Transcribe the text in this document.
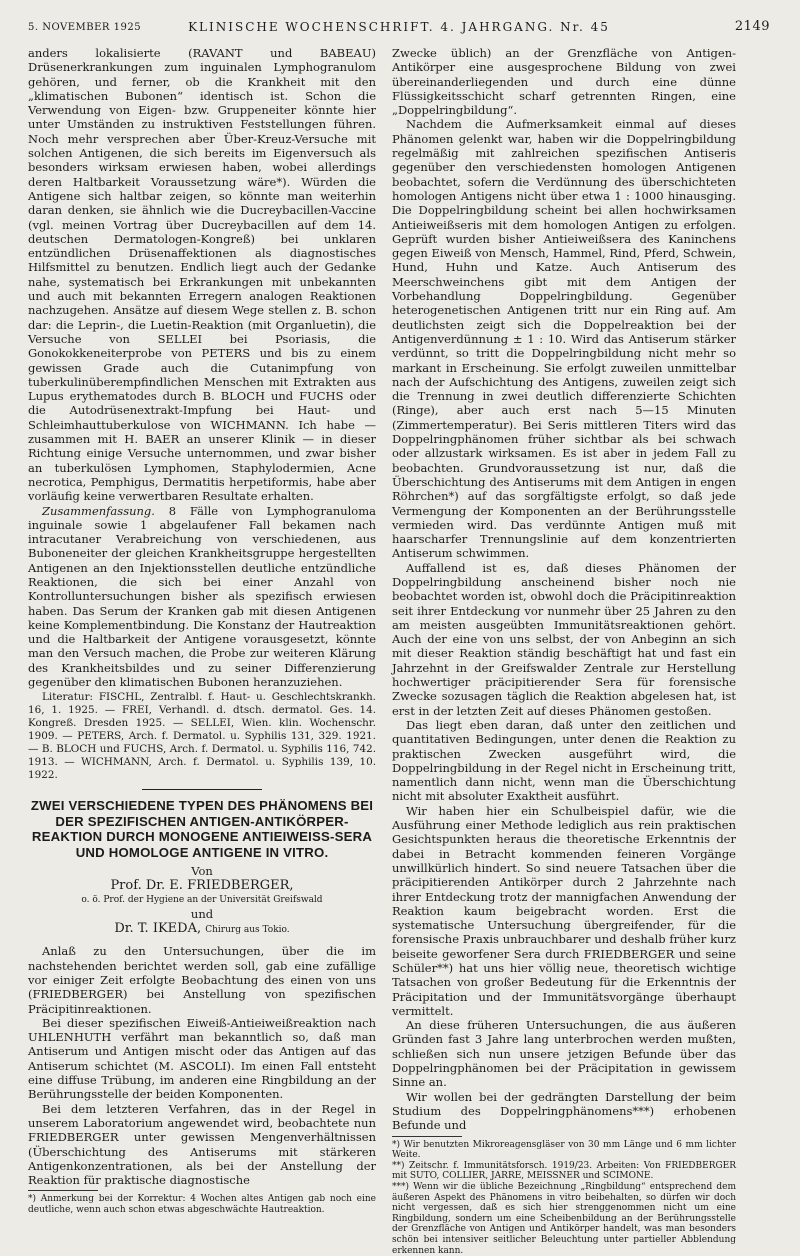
5. NOVEMBER 1925	KLINISCHE WOCHENSCHRIFT. 4. JAHRGANG. Nr. 45	2149

anders lokalisierte (RAVANT und BABEAU) Drüsenerkrankungen zum inguinalen Lymphogranulom gehören, und ferner, ob die Krankheit mit den „klimatischen Bubonen“ identisch ist. Schon die Verwendung von Eigen- bzw. Gruppeneiter könnte hier unter Umständen zu instruktiven Feststellungen führen. Noch mehr versprechen aber Über-Kreuz-Versuche mit solchen Antigenen, die sich bereits im Eigenversuch als besonders wirksam erwiesen haben, wobei allerdings deren Haltbarkeit Voraussetzung wäre*). Würden die Antigene sich haltbar zeigen, so könnte man weiterhin daran denken, sie ähnlich wie die Ducreybacillen-Vaccine (vgl. meinen Vortrag über Ducreybacillen auf dem 14. deutschen Dermatologen-Kongreß) bei unklaren entzündlichen Drüsenaffektionen als diagnostisches Hilfsmittel zu benutzen. Endlich liegt auch der Gedanke nahe, systematisch bei Erkrankungen mit unbekannten und auch mit bekannten Erregern analogen Reaktionen nachzugehen. Ansätze auf diesem Wege stellen z. B. schon dar: die Leprin-, die Luetin-Reaktion (mit Organluetin), die Versuche von SELLEI bei Psoriasis, die Gonokokkeneiterprobe von PETERS und bis zu einem gewissen Grade auch die Cutanimpfung von tuberkulinüberempfindlichen Menschen mit Extrakten aus Lupus erythematodes durch B. BLOCH und FUCHS oder die Autodrüsenextrakt-Impfung bei Haut- und Schleimhauttuberkulose von WICHMANN. Ich habe — zusammen mit H. BAER an unserer Klinik — in dieser Richtung einige Versuche unternommen, und zwar bisher an tuberkulösen Lymphomen, Staphylodermien, Acne necrotica, Pemphigus, Dermatitis herpetiformis, habe aber vorläufig keine verwertbaren Resultate erhalten.

Zusammenfassung. 8 Fälle von Lymphogranuloma inguinale sowie 1 abgelaufener Fall bekamen nach intracutaner Verabreichung von verschiedenen, aus Buboneneiter der gleichen Krankheitsgruppe hergestellten Antigenen an den Injektionsstellen deutliche entzündliche Reaktionen, die sich bei einer Anzahl von Kontrolluntersuchungen bisher als spezifisch erwiesen haben. Das Serum der Kranken gab mit diesen Antigenen keine Komplementbindung. Die Konstanz der Hautreaktion und die Haltbarkeit der Antigene vorausgesetzt, könnte man den Versuch machen, die Probe zur weiteren Klärung des Krankheitsbildes und zu seiner Differenzierung gegenüber den klimatischen Bubonen heranzuziehen.

Literatur: FISCHL, Zentralbl. f. Haut- u. Geschlechtskrankh. 16, 1. 1925. — FREI, Verhandl. d. dtsch. dermatol. Ges. 14. Kongreß. Dresden 1925. — SELLEI, Wien. klin. Wochenschr. 1909. — PETERS, Arch. f. Dermatol. u. Syphilis 131, 329. 1921. — B. BLOCH und FUCHS, Arch. f. Dermatol. u. Syphilis 116, 742. 1913. — WICHMANN, Arch. f. Dermatol. u. Syphilis 139, 10. 1922.

ZWEI VERSCHIEDENE TYPEN DES PHÄNOMENS BEI DER SPEZIFISCHEN ANTIGEN-ANTIKÖRPER-REAKTION DURCH MONOGENE ANTIEIWEISS-SERA UND HOMOLOGE ANTIGENE IN VITRO.
Von
Prof. Dr. E. FRIEDBERGER,
o. ö. Prof. der Hygiene an der Universität Greifswald
und
Dr. T. IKEDA, Chirurg aus Tokio.

Anlaß zu den Untersuchungen, über die im nachstehenden berichtet werden soll, gab eine zufällige vor einiger Zeit erfolgte Beobachtung des einen von uns (FRIEDBERGER) bei Anstellung von spezifischen Präcipitinreaktionen.

Bei dieser spezifischen Eiweiß-Antieiweißreaktion nach UHLENHUTH verfährt man bekanntlich so, daß man Antiserum und Antigen mischt oder das Antigen auf das Antiserum schichtet (M. ASCOLI). Im einen Fall entsteht eine diffuse Trübung, im anderen eine Ringbildung an der Berührungsstelle der beiden Komponenten.

Bei dem letzteren Verfahren, das in der Regel in unserem Laboratorium angewendet wird, beobachtete nun FRIEDBERGER unter gewissen Mengenverhältnissen (Überschichtung des Antiserums mit stärkeren Antigenkonzentrationen, als bei der Anstellung der Reaktion für praktische diagnostische

*) Anmerkung bei der Korrektur: 4 Wochen altes Antigen gab noch eine deutliche, wenn auch schon etwas abgeschwächte Hautreaktion.

Zwecke üblich) an der Grenzfläche von Antigen-Antikörper eine ausgesprochene Bildung von zwei übereinanderliegenden und durch eine dünne Flüssigkeitsschicht scharf getrennten Ringen, eine „Doppelringbildung“.

Nachdem die Aufmerksamkeit einmal auf dieses Phänomen gelenkt war, haben wir die Doppelringbildung regelmäßig mit zahlreichen spezifischen Antiseris gegenüber den verschiedensten homologen Antigenen beobachtet, sofern die Verdünnung des überschichteten homologen Antigens nicht über etwa 1 : 1000 hinausging. Die Doppelringbildung scheint bei allen hochwirksamen Antieiweißseris mit dem homologen Antigen zu erfolgen. Geprüft wurden bisher Antieiweißsera des Kaninchens gegen Eiweiß von Mensch, Hammel, Rind, Pferd, Schwein, Hund, Huhn und Katze. Auch Antiserum des Meerschweinchens gibt mit dem Antigen der Vorbehandlung Doppelringbildung. Gegenüber heterogenetischen Antigenen tritt nur ein Ring auf. Am deutlichsten zeigt sich die Doppelreaktion bei der Antigenverdünnung ± 1 : 10. Wird das Antiserum stärker verdünnt, so tritt die Doppelringbildung nicht mehr so markant in Erscheinung. Sie erfolgt zuweilen unmittelbar nach der Aufschichtung des Antigens, zuweilen zeigt sich die Trennung in zwei deutlich differenzierte Schichten (Ringe), aber auch erst nach 5—15 Minuten (Zimmertemperatur). Bei Seris mittleren Titers wird das Doppelringphänomen früher sichtbar als bei schwach oder allzustark wirksamen. Es ist aber in jedem Fall zu beobachten. Grundvoraussetzung ist nur, daß die Überschichtung des Antiserums mit dem Antigen in engen Röhrchen*) auf das sorgfältigste erfolgt, so daß jede Vermengung der Komponenten an der Berührungsstelle vermieden wird. Das verdünnte Antigen muß mit haarscharfer Trennungslinie auf dem konzentrierten Antiserum schwimmen.

Auffallend ist es, daß dieses Phänomen der Doppelringbildung anscheinend bisher noch nie beobachtet worden ist, obwohl doch die Präcipitinreaktion seit ihrer Entdeckung vor nunmehr über 25 Jahren zu den am meisten ausgeübten Immunitätsreaktionen gehört. Auch der eine von uns selbst, der von Anbeginn an sich mit dieser Reaktion ständig beschäftigt hat und fast ein Jahrzehnt in der Greifswalder Zentrale zur Herstellung hochwertiger präcipitierender Sera für forensische Zwecke sozusagen täglich die Reaktion abgelesen hat, ist erst in der letzten Zeit auf dieses Phänomen gestoßen.

Das liegt eben daran, daß unter den zeitlichen und quantitativen Bedingungen, unter denen die Reaktion zu praktischen Zwecken ausgeführt wird, die Doppelringbildung in der Regel nicht in Erscheinung tritt, namentlich dann nicht, wenn man die Überschichtung nicht mit absoluter Exaktheit ausführt.

Wir haben hier ein Schulbeispiel dafür, wie die Ausführung einer Methode lediglich aus rein praktischen Gesichtspunkten heraus die theoretische Erkenntnis der dabei in Betracht kommenden feineren Vorgänge unwillkürlich hindert. So sind neuere Tatsachen über die präcipitierenden Antikörper durch 2 Jahrzehnte nach ihrer Entdeckung trotz der mannigfachen Anwendung der Reaktion kaum beigebracht worden. Erst die systematische Untersuchung übergreifender, für die forensische Praxis unbrauchbarer und deshalb früher kurz beiseite geworfener Sera durch FRIEDBERGER und seine Schüler**) hat uns hier völlig neue, theoretisch wichtige Tatsachen von großer Bedeutung für die Erkenntnis der Präcipitation und der Immunitätsvorgänge überhaupt vermittelt.

An diese früheren Untersuchungen, die aus äußeren Gründen fast 3 Jahre lang unterbrochen werden mußten, schließen sich nun unsere jetzigen Befunde über das Doppelringphänomen bei der Präcipitation in gewissem Sinne an.

Wir wollen bei der gedrängten Darstellung der beim Studium des Doppelringphänomens***) erhobenen Befunde und

*) Wir benutzten Mikroreagensgläser von 30 mm Länge und 6 mm lichter Weite.

**) Zeitschr. f. Immunitätsforsch. 1919/23. Arbeiten: Von FRIEDBERGER mit SUTO, COLLIER, JARRE, MEISSNER und SCIMONE.

***) Wenn wir die übliche Bezeichnung „Ringbildung“ entsprechend dem äußeren Aspekt des Phänomens in vitro beibehalten, so dürfen wir doch nicht vergessen, daß es sich hier strenggenommen nicht um eine Ringbildung, sondern um eine Scheibenbildung an der Berührungsstelle der Grenzfläche von Antigen und Antikörper handelt, was man besonders schön bei intensiver seitlicher Beleuchtung unter partieller Abblendung erkennen kann.
